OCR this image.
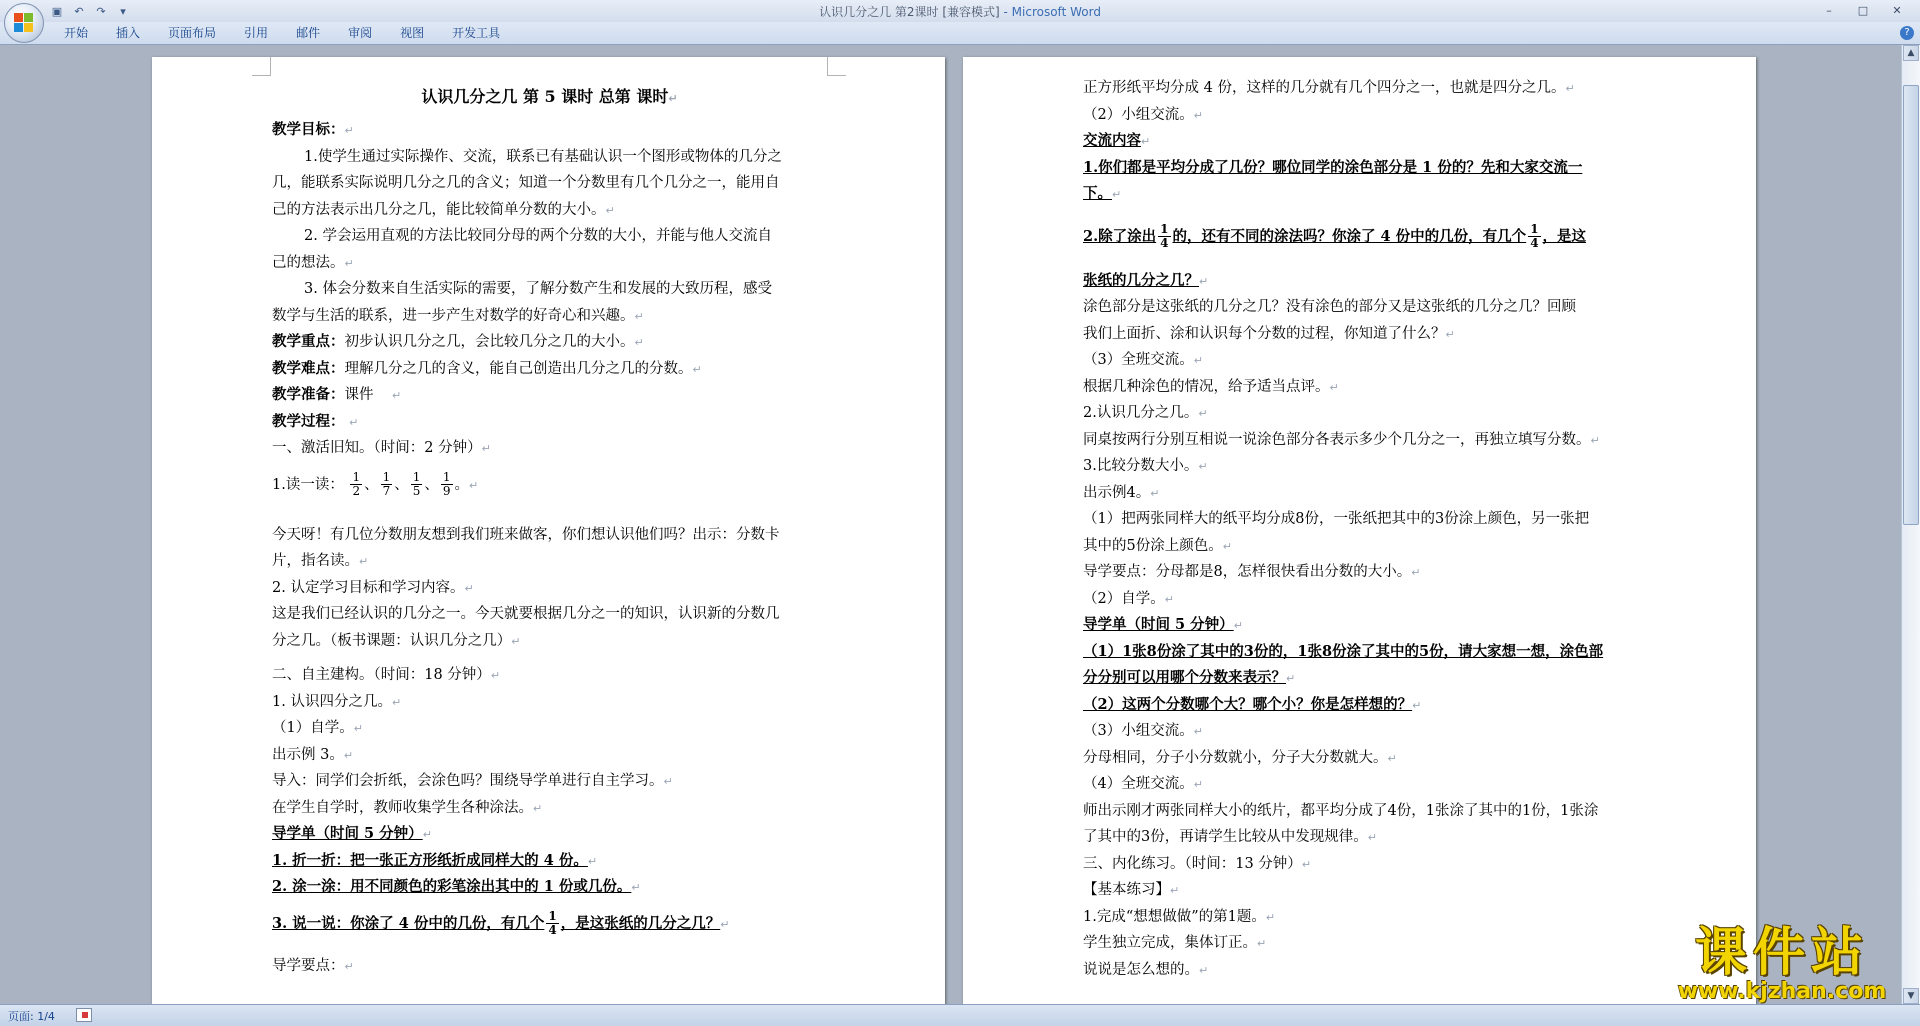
▣ ↶ ↷ ▾	认识几分之几 第2课时 [兼容模式] - Microsoft Word	– □ ✕
开始	插入	页面布局	引用	邮件	审阅	视图	开发工具	?
认识几分之几 第 5 课时 总第 课时↵
教学目标：↵
1.使学生通过实际操作、交流，联系已有基础认识一个图形或物体的几分之
几，能联系实际说明几分之几的含义；知道一个分数里有几个几分之一，能用自
己的方法表示出几分之几，能比较简单分数的大小。↵
2. 学会运用直观的方法比较同分母的两个分数的大小，并能与他人交流自
己的想法。↵
3. 体会分数来自生活实际的需要，了解分数产生和发展的大致历程，感受
数学与生活的联系，进一步产生对数学的好奇心和兴趣。↵
教学重点：初步认识几分之几，会比较几分之几的大小。↵
教学难点：理解几分之几的含义，能自己创造出几分之几的分数。↵
教学准备：课件 ↵
教学过程： ↵
一、激活旧知。（时间：2 分钟）↵
1.读一读： $\frac{1}{2}$ 、 $\frac{1}{7}$ 、 $\frac{1}{5}$ 、 $\frac{1}{9}$ 。↵
今天呀！有几位分数朋友想到我们班来做客，你们想认识他们吗？出示：分数卡
片，指名读。↵
2. 认定学习目标和学习内容。↵
这是我们已经认识的几分之一。今天就要根据几分之一的知识，认识新的分数几
分之几。（板书课题：认识几分之几）↵
二、自主建构。（时间：18 分钟）↵
1. 认识四分之几。↵
（1）自学。↵
出示例 3。↵
导入：同学们会折纸，会涂色吗？围绕导学单进行自主学习。↵
在学生自学时，教师收集学生各种涂法。↵
导学单（时间 5 分钟）↵
1. 折一折：把一张正方形纸折成同样大的 4 份。↵
2. 涂一涂：用不同颜色的彩笔涂出其中的 1 份或几份。↵
3. 说一说：你涂了 4 份中的几份，有几个 $\frac{1}{4}$ ，是这张纸的几分之几？↵
导学要点：↵
正方形纸平均分成 4 份，这样的几分就有几个四分之一，也就是四分之几。↵
（2）小组交流。↵
交流内容↵
1.你们都是平均分成了几份？哪位同学的涂色部分是 1 份的？先和大家交流一
下。↵
2.除了涂出 $\frac{1}{4}$ 的，还有不同的涂法吗？你涂了 4 份中的几份，有几个 $\frac{1}{4}$ ，是这
张纸的几分之几？↵
涂色部分是这张纸的几分之几？没有涂色的部分又是这张纸的几分之几？回顾
我们上面折、涂和认识每个分数的过程，你知道了什么？↵
（3）全班交流。↵
根据几种涂色的情况，给予适当点评。↵
2.认识几分之几。↵
同桌按两行分别互相说一说涂色部分各表示多少个几分之一，再独立填写分数。↵
3.比较分数大小。↵
出示例4。↵
（1）把两张同样大的纸平均分成8份，一张纸把其中的3份涂上颜色，另一张把
其中的5份涂上颜色。↵
导学要点：分母都是8，怎样很快看出分数的大小。↵
（2）自学。↵
导学单（时间 5 分钟）↵
（1）1张8份涂了其中的3份的，1张8份涂了其中的5份，请大家想一想，涂色部
分分别可以用哪个分数来表示？↵
（2）这两个分数哪个大？哪个小？你是怎样想的？↵
（3）小组交流。↵
分母相同，分子小分数就小，分子大分数就大。↵
（4）全班交流。↵
师出示刚才两张同样大小的纸片，都平均分成了4份，1张涂了其中的1份，1张涂
了其中的3份，再请学生比较从中发现规律。↵
三、内化练习。（时间：13 分钟）↵
【基本练习】↵
1.完成“想想做做”的第1题。↵
学生独立完成，集体订正。↵
说说是怎么想的。↵
▲
▼
页面: 1/4
课件站
www.kjzhan.com
